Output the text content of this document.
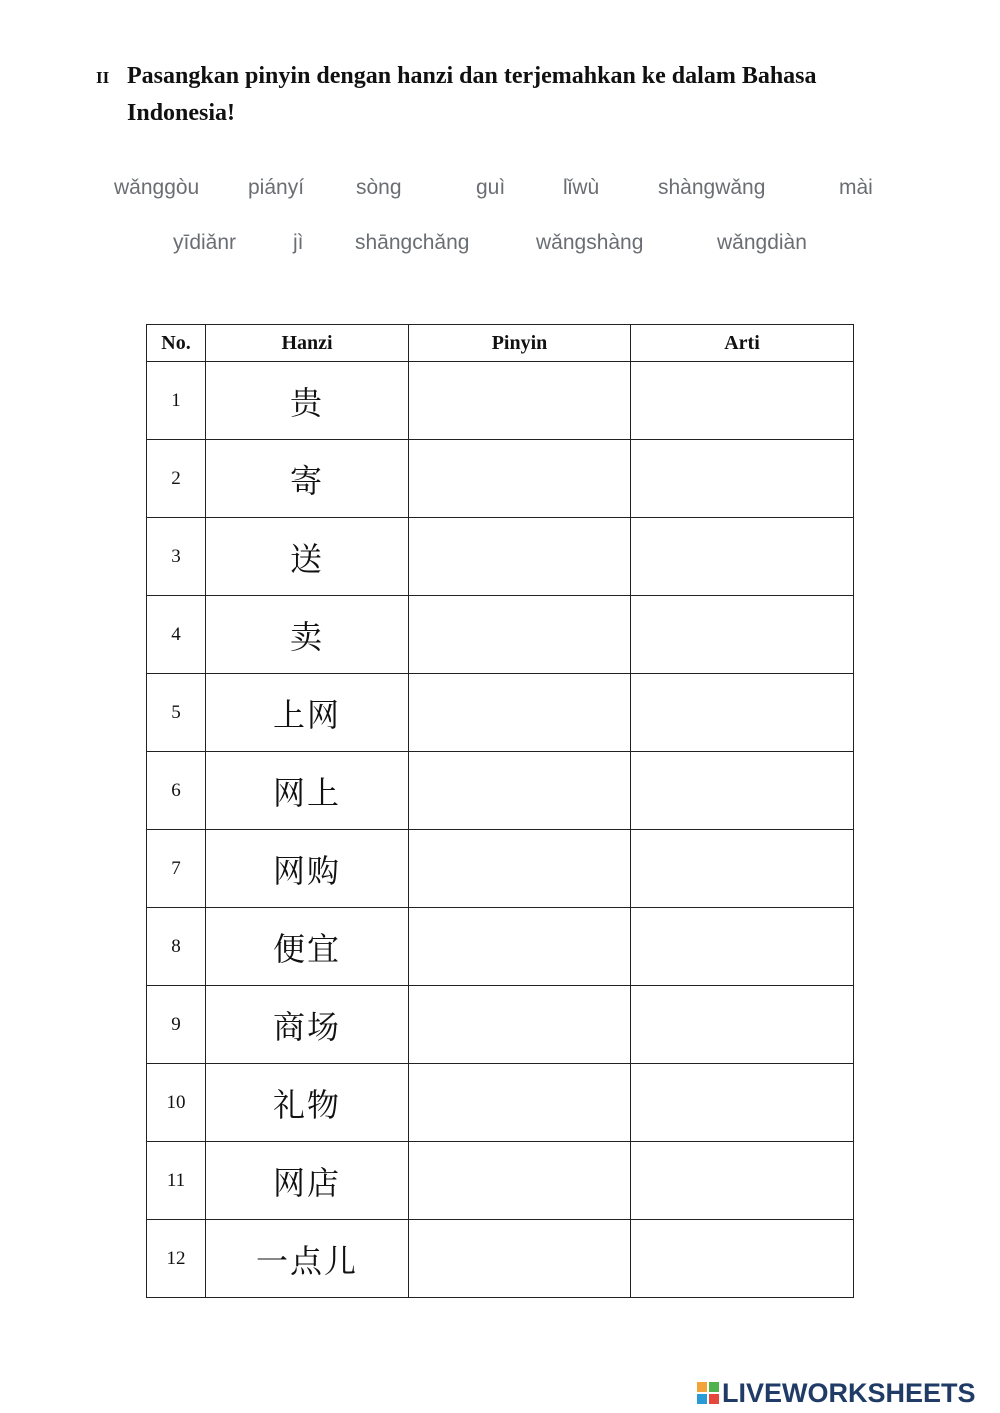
II Pasangkan pinyin dengan hanzi dan terjemahkan ke dalam Bahasa Indonesia!
wǎnggòu piányí sòng	guì	lǐwù	shàngwǎng	mài
yīdiǎnr	jì shāngchǎng	wǎngshàng	wǎngdiàn
No.	Hanzi	Pinyin	Arti
1	贵		
2	寄		
3	送		
4	卖		
5	上网		
6	网上		
7	网购		
8	便宜		
9	商场		
10	礼物		
11	网店		
12	一点儿		
LIVEWORKSHEETS
